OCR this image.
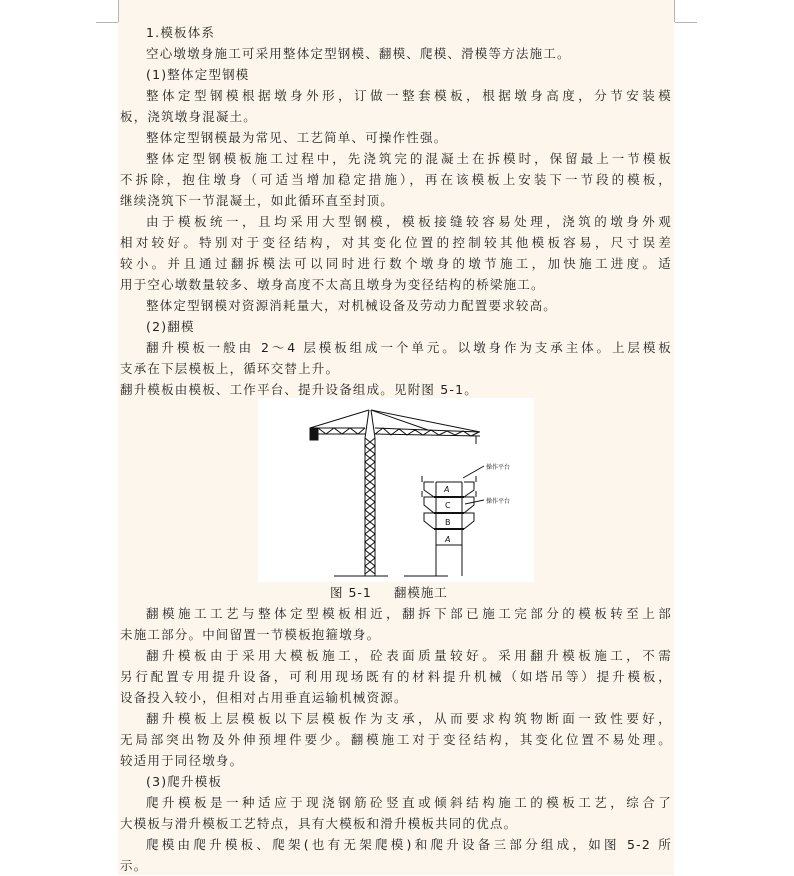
1.模板体系
空心墩墩身施工可采用整体定型钢模、翻模、爬模、滑模等方法施工。
(1)整体定型钢模
整体定型钢模根据墩身外形，订做一整套模板，根据墩身高度，分节安装模
板，浇筑墩身混凝土。
整体定型钢模最为常见、工艺简单、可操作性强。
整体定型钢模板施工过程中，先浇筑完的混凝土在拆模时，保留最上一节模板
不拆除，抱住墩身（可适当增加稳定措施），再在该模板上安装下一节段的模板，
继续浇筑下一节混凝土，如此循环直至封顶。
由于模板统一，且均采用大型钢模，模板接缝较容易处理，浇筑的墩身外观
相对较好。特别对于变径结构，对其变化位置的控制较其他模板容易，尺寸误差
较小。并且通过翻拆模法可以同时进行数个墩身的墩节施工，加快施工进度。适
用于空心墩数量较多、墩身高度不太高且墩身为变径结构的桥梁施工。
整体定型钢模对资源消耗量大，对机械设备及劳动力配置要求较高。
(2)翻模
翻升模板一般由 2～4 层模板组成一个单元。以墩身作为支承主体。上层模板
支承在下层模板上，循环交替上升。
翻升模板由模板、工作平台、提升设备组成。见附图 5-1。
操作平台
操作平台
A
C
B
A
图 5-1 翻模施工
翻模施工工艺与整体定型模板相近，翻拆下部已施工完部分的模板转至上部
未施工部分。中间留置一节模板抱箍墩身。
翻升模板由于采用大模板施工，砼表面质量较好。采用翻升模板施工，不需
另行配置专用提升设备，可利用现场既有的材料提升机械（如塔吊等）提升模板，
设备投入较小，但相对占用垂直运输机械资源。
翻升模板上层模板以下层模板作为支承，从而要求构筑物断面一致性要好，
无局部突出物及外伸预埋件要少。翻模施工对于变径结构，其变化位置不易处理。
较适用于同径墩身。
(3)爬升模板
爬升模板是一种适应于现浇钢筋砼竖直或倾斜结构施工的模板工艺，综合了
大模板与滑升模板工艺特点，具有大模板和滑升模板共同的优点。
爬模由爬升模板、爬架(也有无架爬模)和爬升设备三部分组成，如图 5-2 所
示。
